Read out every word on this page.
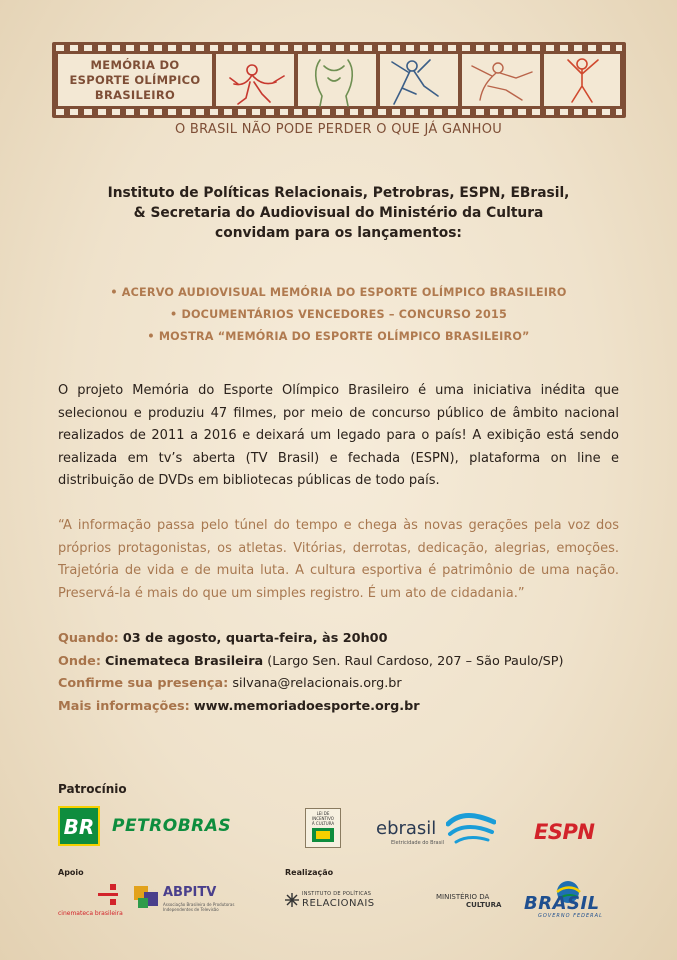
MEMÓRIA DO
ESPORTE OLÍMPICO
BRASILEIRO
O BRASIL NÃO PODE PERDER O QUE JÁ GANHOU
Instituto de Políticas Relacionais, Petrobras, ESPN, EBrasil,
& Secretaria do Audiovisual do Ministério da Cultura
convidam para os lançamentos:
• ACERVO AUDIOVISUAL MEMÓRIA DO ESPORTE OLÍMPICO BRASILEIRO
• DOCUMENTÁRIOS VENCEDORES – CONCURSO 2015
• MOSTRA “MEMÓRIA DO ESPORTE OLÍMPICO BRASILEIRO”

O projeto Memória do Esporte Olímpico Brasileiro é uma iniciativa inédita que selecionou e produziu 47 filmes, por meio de concurso público de âmbito nacional realizados de 2011 a 2016 e deixará um legado para o país! A exibição está sendo realizada em tv’s aberta (TV Brasil) e fechada (ESPN), plataforma on line e distribuição de DVDs em bibliotecas públicas de todo país.

“A informação passa pelo túnel do tempo e chega às novas gerações pela voz dos próprios protagonistas, os atletas. Vitórias, derrotas, dedicação, alegrias, emoções. Trajetória de vida e de muita luta. A cultura esportiva é patrimônio de uma nação. Preservá-la é mais do que um simples registro. É um ato de cidadania.”

Quando: 03 de agosto, quarta-feira, às 20h00
Onde: Cinemateca Brasileira (Largo Sen. Raul Cardoso, 207 – São Paulo/SP)
Confirme sua presença: silvana@relacionais.org.br
Mais informações: www.memoriadoesporte.org.br
Patrocínio
BR PETROBRAS
LEI DE
INCENTIVO
À CULTURA	ebrasil
Eletricidade do Brasil	ESPN
Apoio
cinemateca brasileira
ABPITV
Associação Brasileira de Produtoras
Independentes de Televisão
Realização
INSTITUTO DE POLÍTICAS
RELACIONAIS
MINISTÉRIO DA
CULTURA BRASIL
GOVERNO FEDERAL
